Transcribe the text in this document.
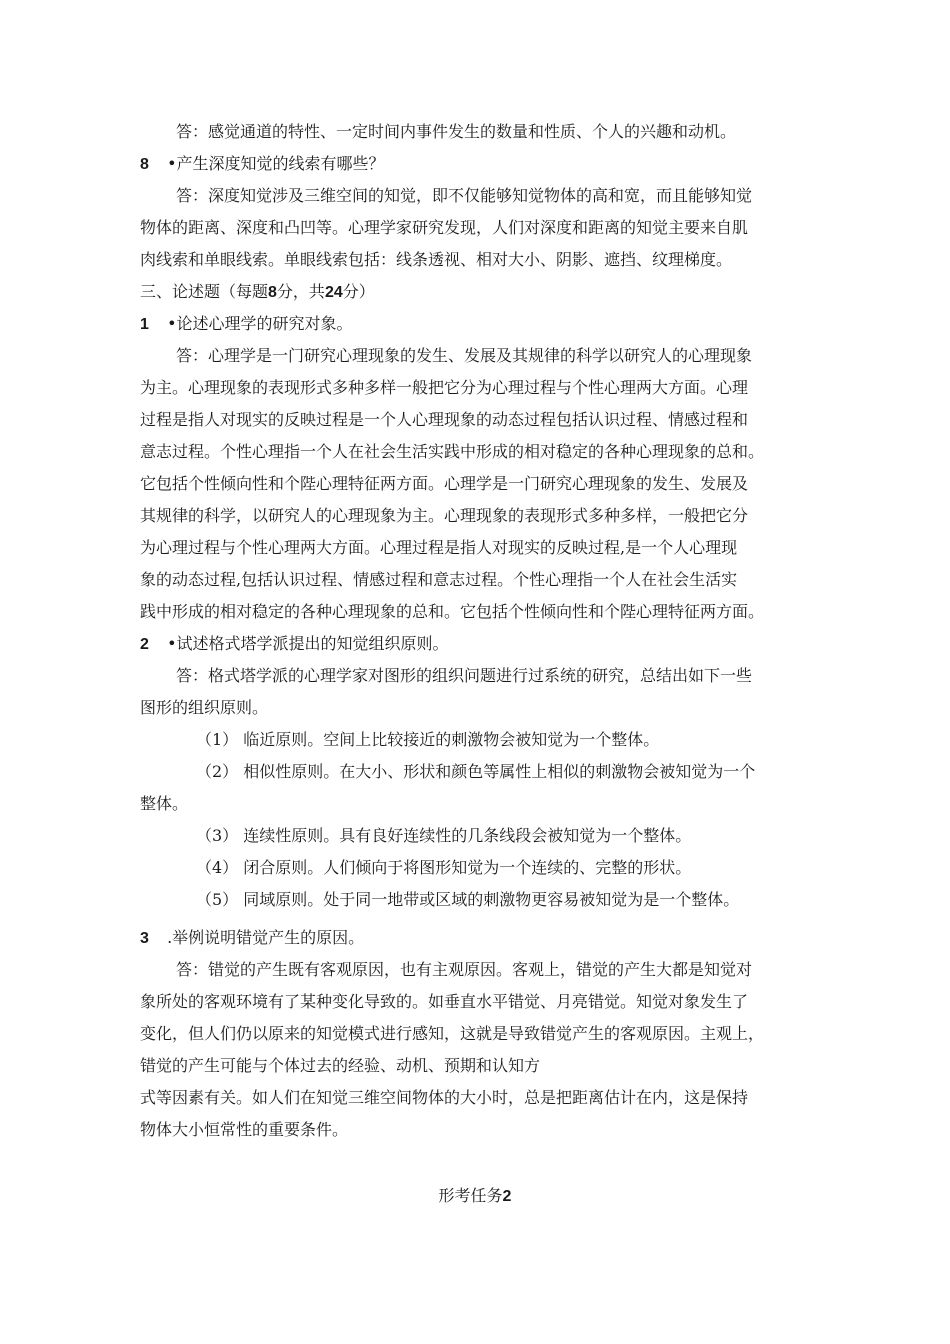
答：感觉通道的特性、一定时间内事件发生的数量和性质、个人的兴趣和动机。
8 •产生深度知觉的线索有哪些？
答：深度知觉涉及三维空间的知觉，即不仅能够知觉物体的高和宽，而且能够知觉
物体的距离、深度和凸凹等。心理学家研究发现，人们对深度和距离的知觉主要来自肌
肉线索和单眼线索。单眼线索包括：线条透视、相对大小、阴影、遮挡、纹理梯度。
三、论述题（每题8分，共24分）
1 •论述心理学的研究对象。
答：心理学是一门研究心理现象的发生、发展及其规律的科学以研究人的心理现象
为主。心理现象的表现形式多种多样一般把它分为心理过程与个性心理两大方面。心理
过程是指人对现实的反映过程是一个人心理现象的动态过程包括认识过程、情感过程和
意志过程。个性心理指一个人在社会生活实践中形成的相对稳定的各种心理现象的总和。
它包括个性倾向性和个陛心理特征两方面。心理学是一门研究心理现象的发生、发展及
其规律的科学，以研究人的心理现象为主。心理现象的表现形式多种多样，一般把它分
为心理过程与个性心理两大方面。心理过程是指人对现实的反映过程,是一个人心理现
象的动态过程,包括认识过程、情感过程和意志过程。个性心理指一个人在社会生活实
践中形成的相对稳定的各种心理现象的总和。它包括个性倾向性和个陛心理特征两方面。
2 •试述格式塔学派提出的知觉组织原则。
答：格式塔学派的心理学家对图形的组织问题进行过系统的研究，总结出如下一些
图形的组织原则。
（1） 临近原则。空间上比较接近的刺激物会被知觉为一个整体。
（2） 相似性原则。在大小、形状和颜色等属性上相似的刺激物会被知觉为一个
整体。
（3） 连续性原则。具有良好连续性的几条线段会被知觉为一个整体。
（4） 闭合原则。人们倾向于将图形知觉为一个连续的、完整的形状。
（5） 同域原则。处于同一地带或区域的刺激物更容易被知觉为是一个整体。
3 .举例说明错觉产生的原因。
答：错觉的产生既有客观原因，也有主观原因。客观上，错觉的产生大都是知觉对
象所处的客观环境有了某种变化导致的。如垂直水平错觉、月亮错觉。知觉对象发生了
变化，但人们仍以原来的知觉模式进行感知，这就是导致错觉产生的客观原因。主观上，
错觉的产生可能与个体过去的经验、动机、预期和认知方
式等因素有关。如人们在知觉三维空间物体的大小时，总是把距离估计在内，这是保持
物体大小恒常性的重要条件。
形考任务2
